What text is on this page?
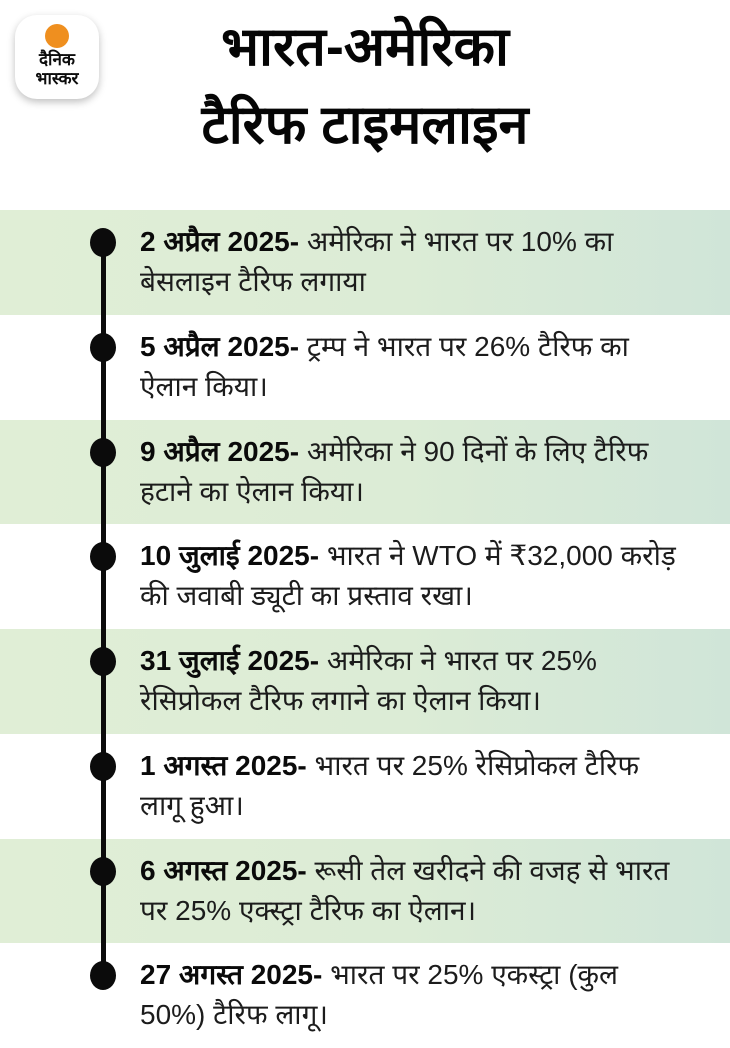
दैनिक
भास्कर
भारत-अमेरिका
टैरिफ टाइमलाइन
2 अप्रैल 2025- अमेरिका ने भारत पर 10% का बेसलाइन टैरिफ लगाया
5 अप्रैल 2025- ट्रम्प ने भारत पर 26% टैरिफ का ऐलान किया।
9 अप्रैल 2025- अमेरिका ने 90 दिनों के लिए टैरिफ हटाने का ऐलान किया।
10 जुलाई 2025- भारत ने WTO में ₹32,000 करोड़ की जवाबी ड्यूटी का प्रस्ताव रखा।
31 जुलाई 2025- अमेरिका ने भारत पर 25% रेसिप्रोकल टैरिफ लगाने का ऐलान किया।
1 अगस्त 2025- भारत पर 25% रेसिप्रोकल टैरिफ लागू हुआ।
6 अगस्त 2025- रूसी तेल खरीदने की वजह से भारत पर 25% एक्स्ट्रा टैरिफ का ऐलान।
27 अगस्त 2025- भारत पर 25% एकस्ट्रा (कुल 50%) टैरिफ लागू।
